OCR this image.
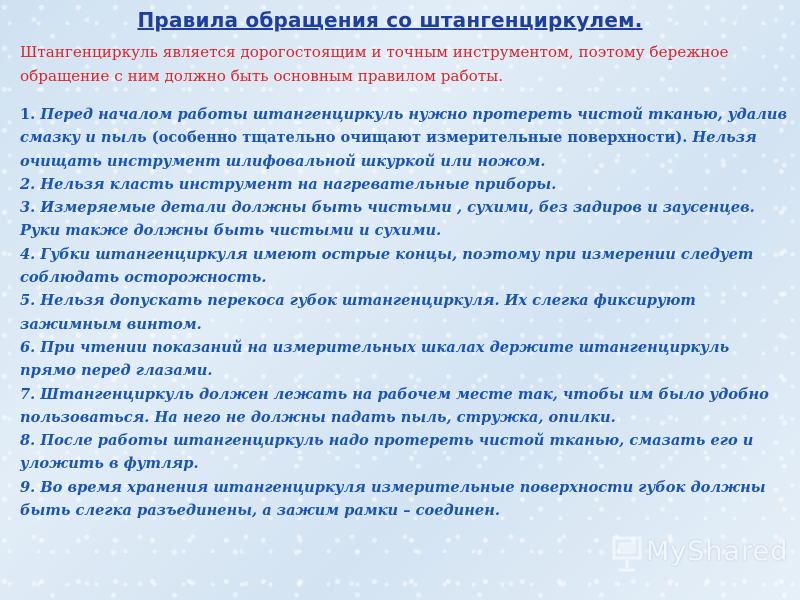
Правила обращения со штангенциркулем.
Штангенциркуль является дорогостоящим и точным инструментом, поэтому бережное обращение с ним должно быть основным правилом работы.

1. Перед началом работы штангенциркуль нужно протереть чистой тканью, удалив смазку и пыль (особенно тщательно очищают измерительные поверхности). Нельзя очищать инструмент шлифовальной шкуркой или ножом.

2. Нельзя класть инструмент на нагревательные приборы.

3. Измеряемые детали должны быть чистыми , сухими, без задиров и заусенцев. Руки также должны быть чистыми и сухими.

4. Губки штангенциркуля имеют острые концы, поэтому при измерении следует соблюдать осторожность.

5. Нельзя допускать перекоса губок штангенциркуля. Их слегка фиксируют зажимным винтом.

6. При чтении показаний на измерительных шкалах держите штангенциркуль прямо перед глазами.

7. Штангенциркуль должен лежать на рабочем месте так, чтобы им было удобно пользоваться. На него не должны падать пыль, стружка, опилки.

8. После работы штангенциркуль надо протереть чистой тканью, смазать его и уложить в футляр.

9. Во время хранения штангенциркуля измерительные поверхности губок должны быть слегка разъединены, а зажим рамки – соединен.

MyShared
